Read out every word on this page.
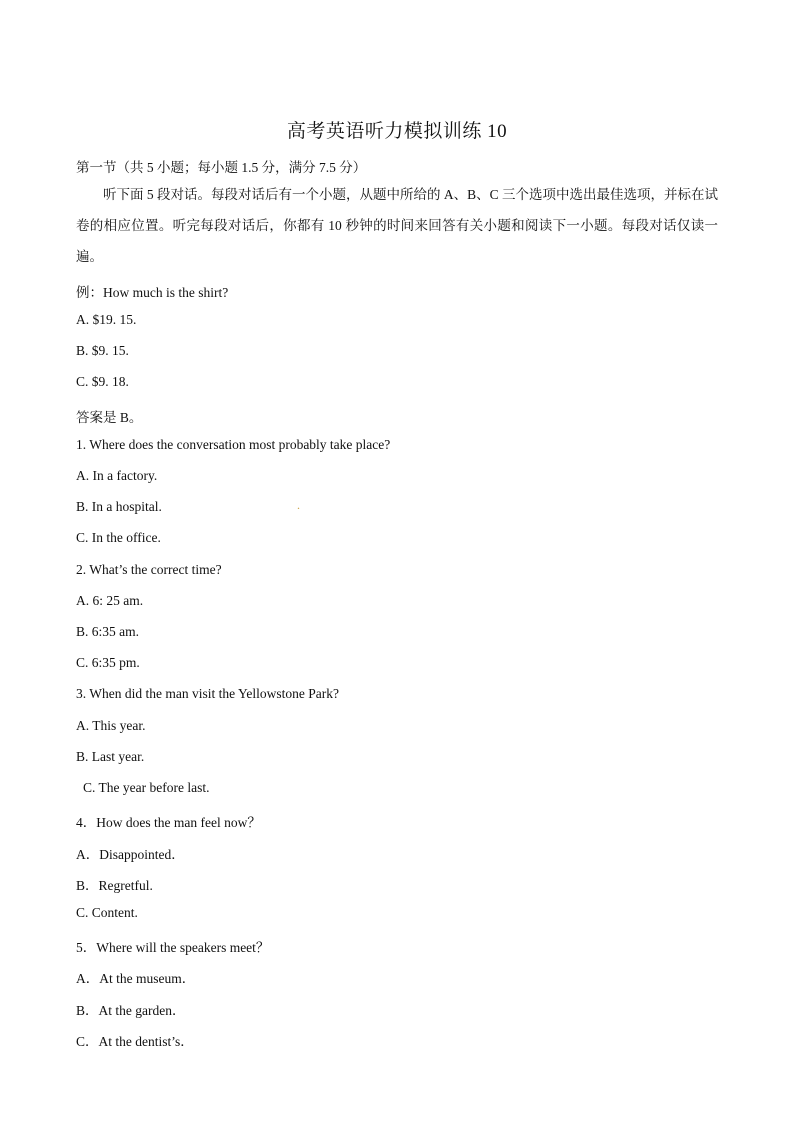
高考英语听力模拟训练 10
第一节（共 5 小题；每小题 1.5 分，满分 7.5 分）
听下面 5 段对话。每段对话后有一个小题，从题中所给的 A、B、C 三个选项中选出最佳选项，并标在试卷的相应位置。听完每段对话后，你都有 10 秒钟的时间来回答有关小题和阅读下一小题。每段对话仅读一遍。
例：How much is the shirt?
A. $19. 15.
B. $9. 15.
C. $9. 18.
答案是 B。
1. Where does the conversation most probably take place?
A. In a factory.
B. In a hospital.	.
C. In the office.
2. What’s the correct time?
A. 6: 25 am.
B. 6:35 am.
C. 6:35 pm.
3. When did the man visit the Yellowstone Park?
A. This year.
B. Last year.
C. The year before last.
4．How does the man feel now？
A．Disappointed．
B．Regretful.
C. Content.
5．Where will the speakers meet？
A．At the museum．
B．At the garden．
C．At the dentist’s．
